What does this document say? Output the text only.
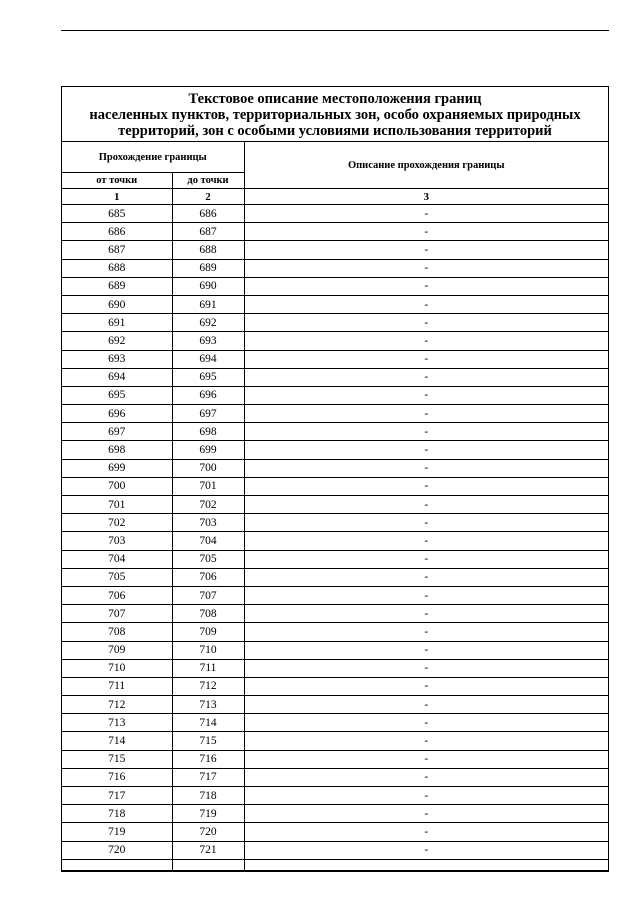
Текстовое описание местоположения границ
населенных пунктов, территориальных зон, особо охраняемых природных
территорий, зон с особыми условиями использования территорий
Прохождение границы		Описание прохождения границы
от точки	до точки	
1	2	3
685	686	-
686	687	-
687	688	-
688	689	-
689	690	-
690	691	-
691	692	-
692	693	-
693	694	-
694	695	-
695	696	-
696	697	-
697	698	-
698	699	-
699	700	-
700	701	-
701	702	-
702	703	-
703	704	-
704	705	-
705	706	-
706	707	-
707	708	-
708	709	-
709	710	-
710	711	-
711	712	-
712	713	-
713	714	-
714	715	-
715	716	-
716	717	-
717	718	-
718	719	-
719	720	-
720	721	-
